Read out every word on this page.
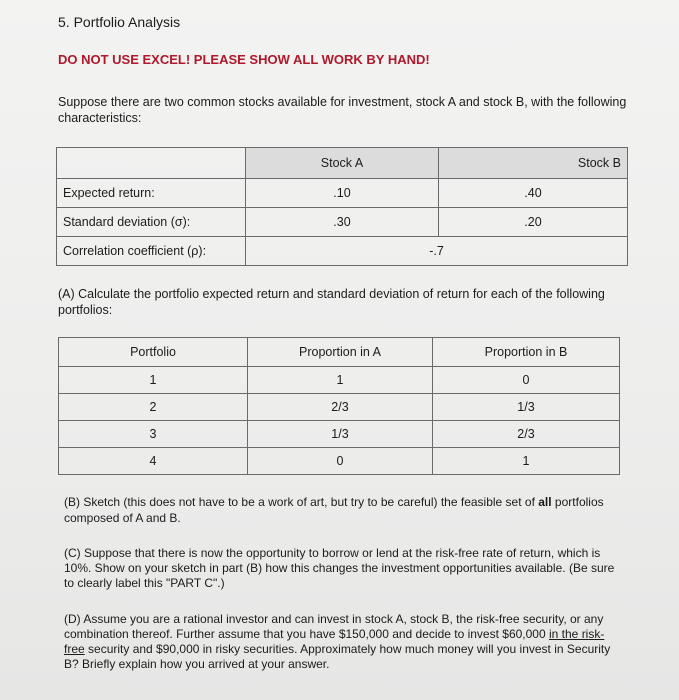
5. Portfolio Analysis
DO NOT USE EXCEL! PLEASE SHOW ALL WORK BY HAND!
Suppose there are two common stocks available for investment, stock A and stock B, with the following characteristics:
	Stock A	Stock B
Expected return:	.10	.40
Standard deviation (σ):	.30	.20
Correlation coefficient (ρ):	-.7	
(A) Calculate the portfolio expected return and standard deviation of return for each of the following portfolios:
Portfolio	Proportion in A	Proportion in B
1	1	0
2	2/3	1/3
3	1/3	2/3
4	0	1
(B) Sketch (this does not have to be a work of art, but try to be careful) the feasible set of all portfolios composed of A and B.
(C) Suppose that there is now the opportunity to borrow or lend at the risk-free rate of return, which is 10%. Show on your sketch in part (B) how this changes the investment opportunities available. (Be sure to clearly label this "PART C".)
(D) Assume you are a rational investor and can invest in stock A, stock B, the risk-free security, or any combination thereof. Further assume that you have $150,000 and decide to invest $60,000 in the risk-free security and $90,000 in risky securities. Approximately how much money will you invest in Security B? Briefly explain how you arrived at your answer.
